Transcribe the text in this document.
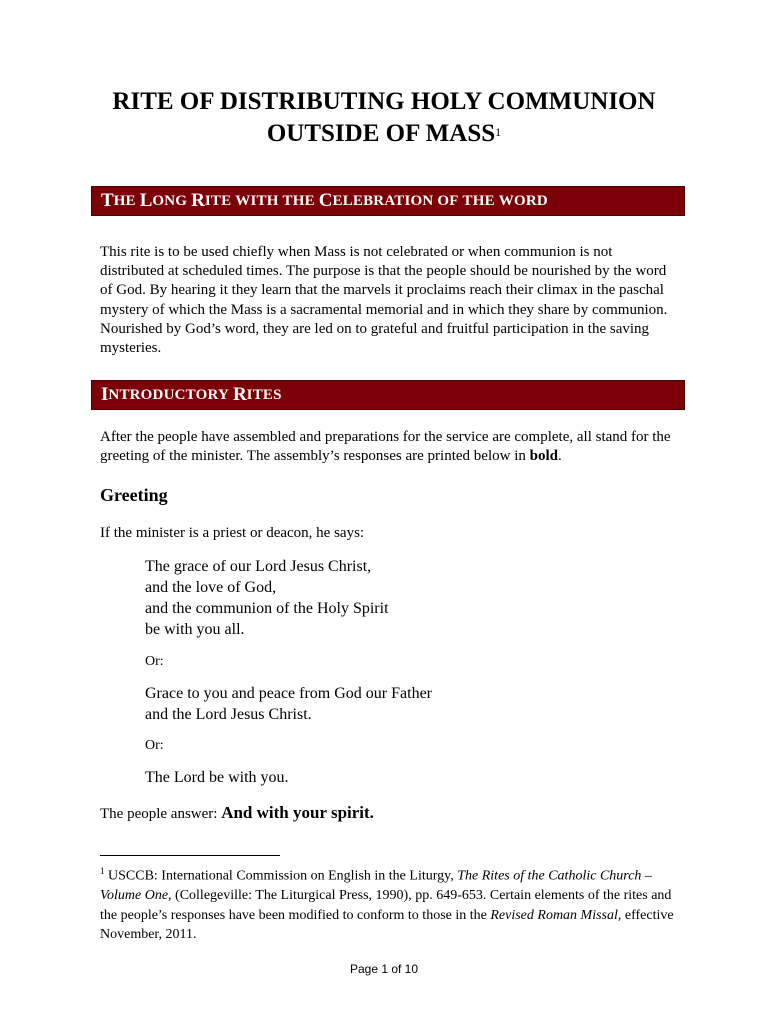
RITE OF DISTRIBUTING HOLY COMMUNION
OUTSIDE OF MASS$^1$
T HE L ONG R ITE WITH THE C ELEBRATION OF THE WORD

This rite is to be used chiefly when Mass is not celebrated or when communion is not distributed at scheduled times. The purpose is that the people should be nourished by the word of God. By hearing it they learn that the marvels it proclaims reach their climax in the paschal mystery of which the Mass is a sacramental memorial and in which they share by communion. Nourished by God’s word, they are led on to grateful and fruitful participation in the saving mysteries.

I NTRODUCTORY R ITES

After the people have assembled and preparations for the service are complete, all stand for the greeting of the minister. The assembly’s responses are printed below in bold.

Greeting
If the minister is a priest or deacon, he says:
The grace of our Lord Jesus Christ,
and the love of God,
and the communion of the Holy Spirit
be with you all.
Or:
Grace to you and peace from God our Father
and the Lord Jesus Christ.
Or:
The Lord be with you.
The people answer: And with your spirit.
$^1$ USCCB: International Commission on English in the Liturgy, The Rites of the Catholic Church – Volume One, (Collegeville: The Liturgical Press, 1990), pp. 649-653. Certain elements of the rites and the people’s responses have been modified to conform to those in the Revised Roman Missal, effective November, 2011.
Page 1 of 10
